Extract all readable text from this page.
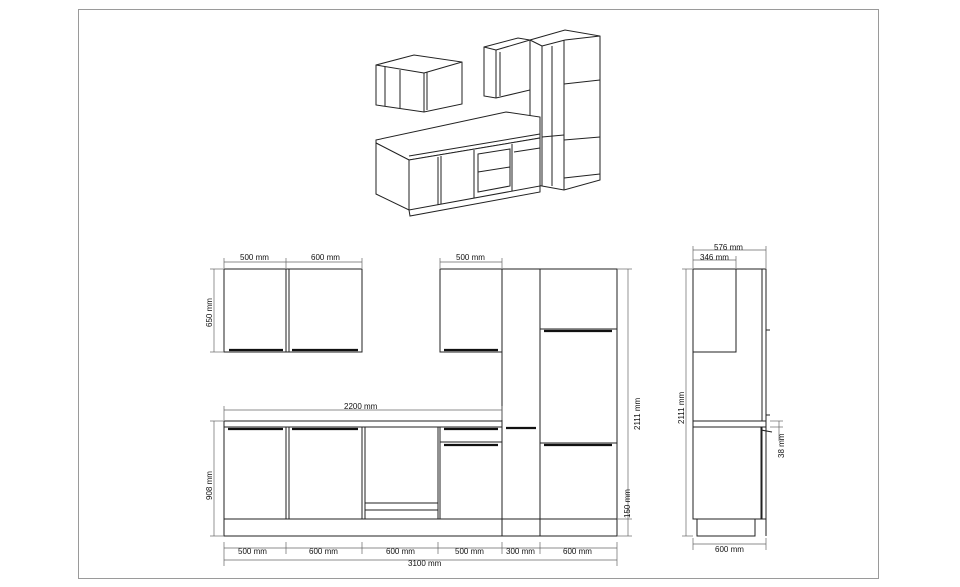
500 mm	600 mm	500 mm
650 mm
2200 mm	2111 mm
908 mm
150 mm
500 mm	600 mm	600 mm	500 mm	300 mm	600 mm
3100 mm
576 mm
346 mm
2111 mm
38 mm
600 mm
